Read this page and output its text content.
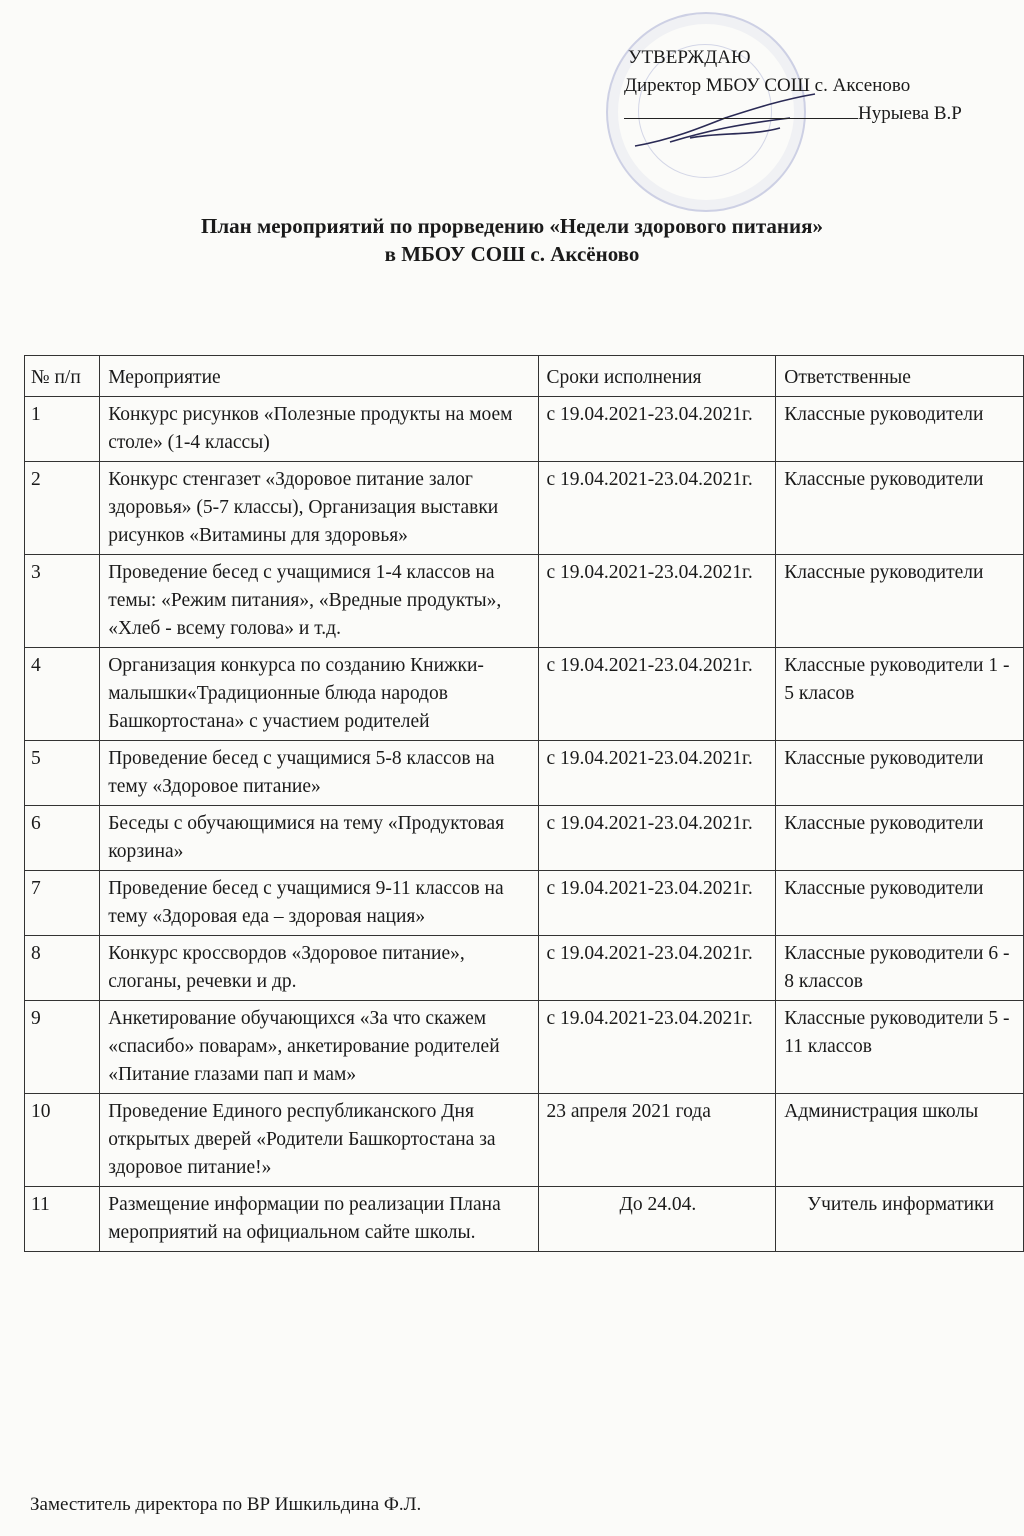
УТВЕРЖДАЮ
Директор МБОУ СОШ с. Аксеново
Нурыева В.Р
План мероприятий по прорведению «Недели здорового питания»
в МБОУ СОШ с. Аксёново
№ п/п	Мероприятие	Сроки исполнения	Ответственные
1	Конкурс рисунков «Полезные продукты на моем столе» (1-4 классы)	с 19.04.2021-23.04.2021г.	Классные руководители
2	Конкурс стенгазет «Здоровое питание залог здоровья» (5-7 классы), Организация выставки рисунков «Витамины для здоровья»	с 19.04.2021-23.04.2021г.	Классные руководители
3	Проведение бесед с учащимися 1-4 классов на темы: «Режим питания», «Вредные продукты», «Хлеб - всему голова» и т.д.	с 19.04.2021-23.04.2021г.	Классные руководители
4	Организация конкурса по созданию Книжки-малышки«Традиционные блюда народов Башкортостана» с участием родителей	с 19.04.2021-23.04.2021г.	Классные руководители 1 - 5 класов
5	Проведение бесед с учащимися 5-8 классов на тему «Здоровое питание»	с 19.04.2021-23.04.2021г.	Классные руководители
6	Беседы с обучающимися на тему «Продуктовая корзина»	с 19.04.2021-23.04.2021г.	Классные руководители
7	Проведение бесед с учащимися 9-11 классов на тему «Здоровая еда – здоровая нация»	с 19.04.2021-23.04.2021г.	Классные руководители
8	Конкурс кроссвордов «Здоровое питание», слоганы, речевки и др.	с 19.04.2021-23.04.2021г.	Классные руководители 6 - 8 классов
9	Анкетирование обучающихся «За что скажем «спасибо» поварам», анкетирование родителей «Питание глазами пап и мам»	с 19.04.2021-23.04.2021г.	Классные руководители 5 - 11 классов
10	Проведение Единого республиканского Дня открытых дверей «Родители Башкортостана за здоровое питание!»	23 апреля 2021 года	Администрация школы
11	Размещение информации по реализации Плана мероприятий на официальном сайте школы.	До 24.04.	Учитель информатики
Заместитель директора по ВР Ишкильдина Ф.Л.
